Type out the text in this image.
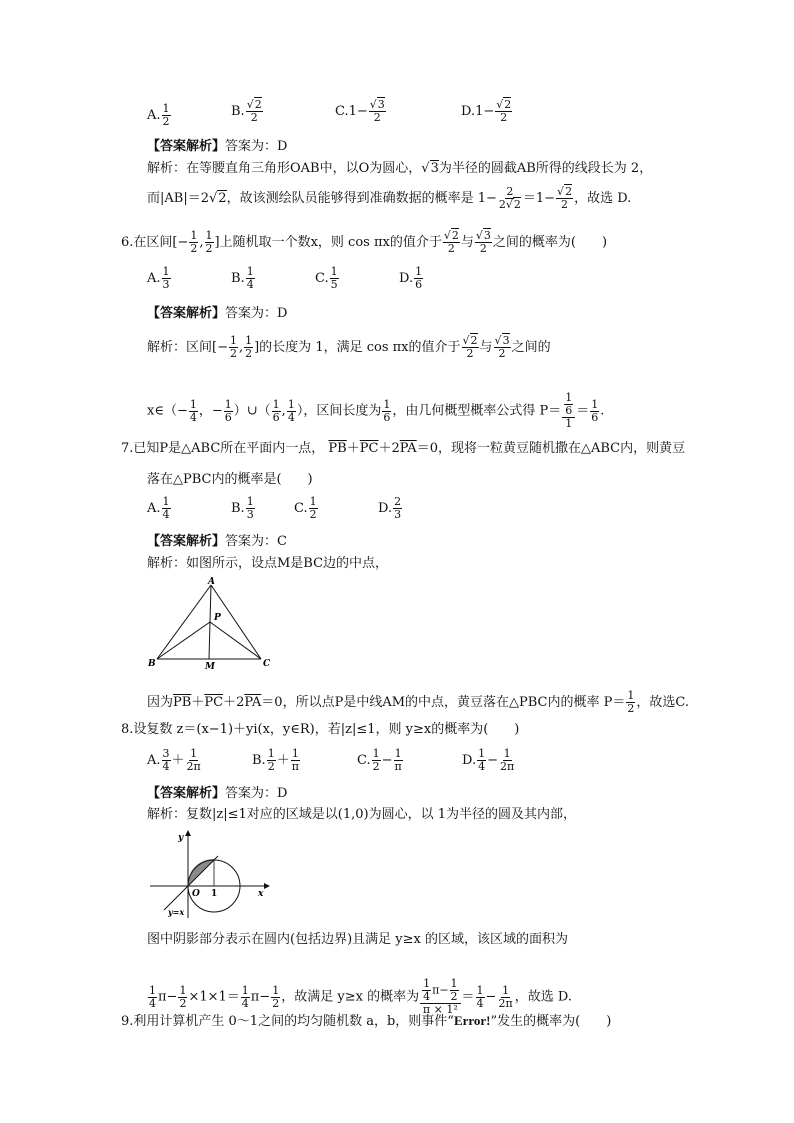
A. $\frac{1}{2}$	B. $\frac{√2}{2}$	$C.1- \frac{√3}{2}$	$D.1- \frac{√2}{2}$
【答案解析】答案为：D
解析：在等腰直角三角形OAB中，以O为圆心，√3为半径的圆截AB所得的线段长为 2，
而|AB|＝2√2，故该测绘队员能够得到准确数据的概率是 $1- \frac{2}{2√2} =1- \frac{√2}{2}$ ，故选 D.
6.在区间[− $\frac{1}{2}$ , $\frac{1}{2}$ ]上随机取一个数x，则 cos πx的值介于 $\frac{√2}{2}$ 与 $\frac{√3}{2}$ 之间的概率为(　　)
A. $\frac{1}{3}$	B. $\frac{1}{4}$	C. $\frac{1}{5}$	D. $\frac{1}{6}$
【答案解析】答案为：D
解析：区间[− $\frac{1}{2}$ , $\frac{1}{2}$ ]的长度为 1，满足 cos πx的值介于 $\frac{√2}{2}$ 与 $\frac{√3}{2}$ 之间的
x∈（− $\frac{1}{4}$ ，− $\frac{1}{6}$ ）∪（ $\frac{1}{6}$ , $\frac{1}{4}$ ），区间长度为 $\frac{1}{6}$ ，由几何概型概率公式得 $P= \frac{\frac{1}{6}}{1} = \frac{1}{6}$ .
7.已知P是△ABC所在平面内一点， $\overline{PB}+\overline{PC}+2\overline{PA}=0$，现将一粒黄豆随机撒在△ABC内，则黄豆
落在△PBC内的概率是(　　)
A. $\frac{1}{4}$	B. $\frac{1}{3}$	C. $\frac{1}{2}$	D. $\frac{2}{3}$
【答案解析】答案为：C
解析：如图所示，设点M是BC边的中点，
A
B	C
P
M
因为$\overline{PB}+\overline{PC}+2\overline{PA}=0$，所以点P是中线AM的中点，黄豆落在△PBC内的概率 $P= \frac{1}{2}$ ，故选C.
8.设复数 z＝(x−1)＋yi(x，y∈R)，若|z|≤1，则 y≥x的概率为(　　)
A. $\frac{3}{4} + \frac{1}{2\pi}$	B. $\frac{1}{2} + \frac{1}{\pi}$	C. $\frac{1}{2} - \frac{1}{\pi}$	D. $\frac{1}{4} - \frac{1}{2\pi}$
【答案解析】答案为：D
解析：复数|z|≤1对应的区域是以(1,0)为圆心，以 1为半径的圆及其内部，
y
x
O 1
y=x
图中阴影部分表示在圆内(包括边界)且满足 y≥x 的区域，该区域的面积为
$\frac{1}{4} \pi- \frac{1}{2} \times 1\times 1= \frac{1}{4} \pi- \frac{1}{2}$ ，故满足 y≥x 的概率为 $\frac{\frac{1}{4} \pi- \frac{1}{2}}{\text{π × 1²}} = \frac{1}{4} - \frac{1}{2\pi}$ ，故选 D.
9.利用计算机产生 0～1之间的均匀随机数 a，b，则事件“Error!”发生的概率为(　　)
